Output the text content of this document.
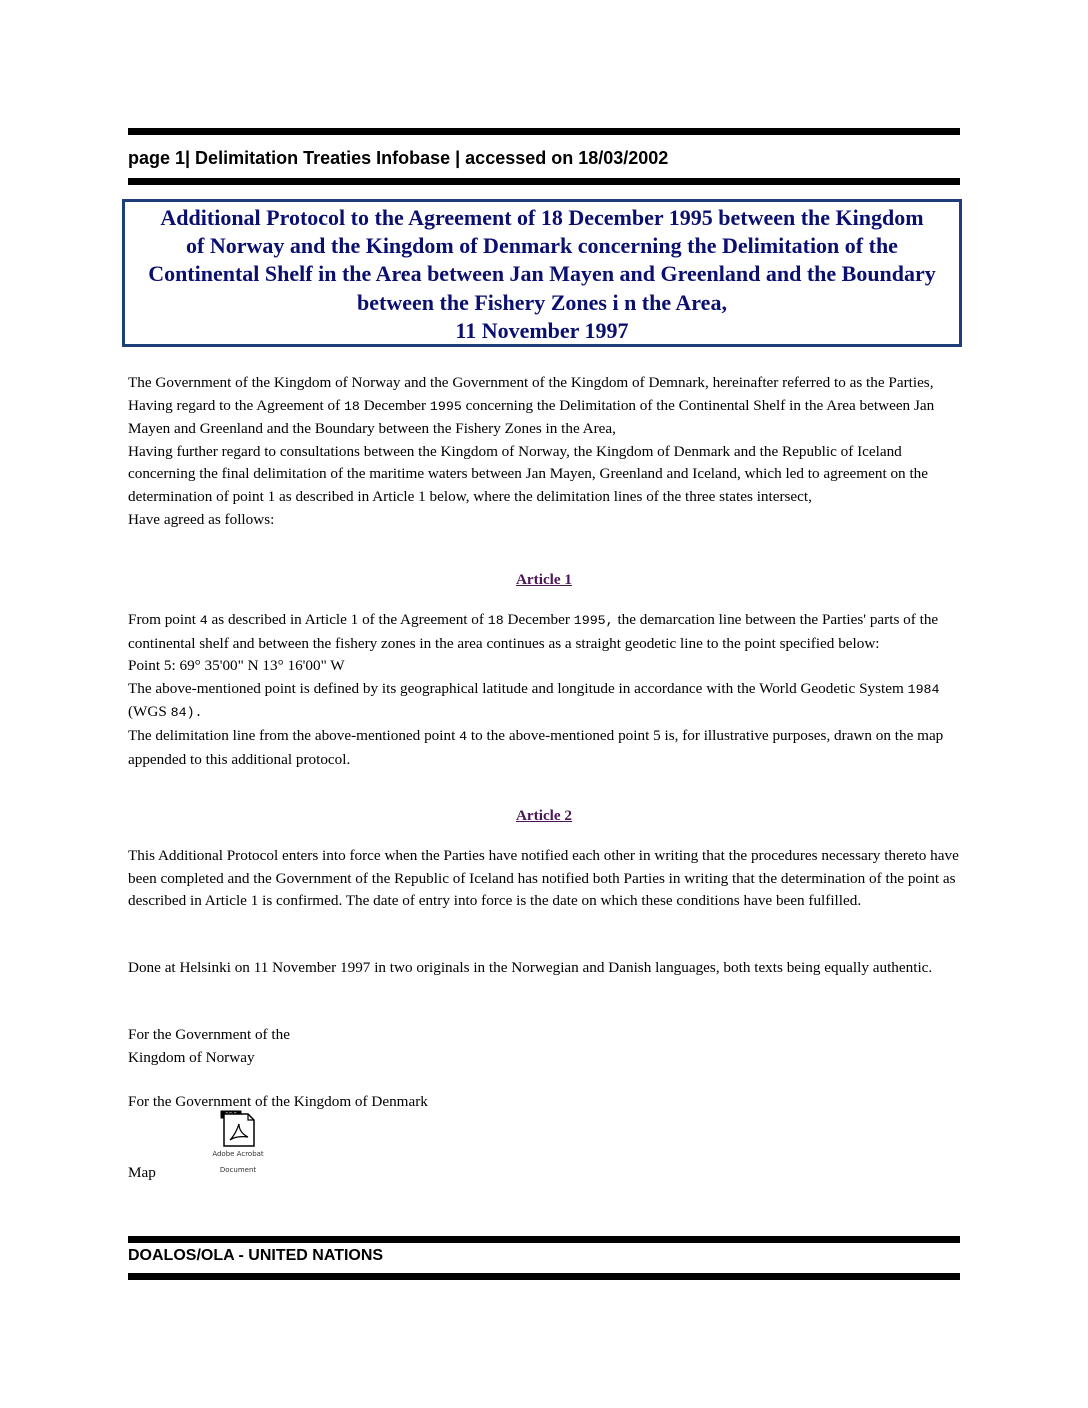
page 1| Delimitation Treaties Infobase | accessed on 18/03/2002
Additional Protocol to the Agreement of 18 December 1995 between the Kingdom
of Norway and the Kingdom of Denmark concerning the Delimitation of the
Continental Shelf in the Area between Jan Mayen and Greenland and the Boundary
between the Fishery Zones i n the Area,
11 November 1997

The Government of the Kingdom of Norway and the Government of the Kingdom of Demnark, hereinafter referred to as the Parties,

Having regard to the Agreement of 18 December 1995 concerning the Delimitation of the Continental Shelf in the Area between Jan Mayen and Greenland and the Boundary between the Fishery Zones in the Area,

Having further regard to consultations between the Kingdom of Norway, the Kingdom of Denmark and the Republic of Iceland concerning the final delimitation of the maritime waters between Jan Mayen, Greenland and Iceland, which led to agreement on the determination of point 1 as described in Article 1 below, where the delimitation lines of the three states intersect,

Have agreed as follows:

Article 1

From point 4 as described in Article 1 of the Agreement of 18 December 1995, the demarcation line between the Parties' parts of the continental shelf and between the fishery zones in the area continues as a straight geodetic line to the point specified below:

Point 5: 69° 35'00" N 13° 16'00" W

The above-mentioned point is defined by its geographical latitude and longitude in accordance with the World Geodetic System 1984 (WGS 84).

The delimitation line from the above-mentioned point 4 to the above-mentioned point 5 is, for illustrative purposes, drawn on the map appended to this additional protocol.

Article 2

This Additional Protocol enters into force when the Parties have notified each other in writing that the procedures necessary thereto have been completed and the Government of the Republic of Iceland has notified both Parties in writing that the determination of the point as described in Article 1 is confirmed. The date of entry into force is the date on which these conditions have been fulfilled.

Done at Helsinki on 11 November 1997 in two originals in the Norwegian and Danish languages, both texts being equally authentic.

For the Government of the

Kingdom of Norway

For the Government of the Kingdom of Denmark

Adobe Acrobat
Document
Map
DOALOS/OLA - UNITED NATIONS
